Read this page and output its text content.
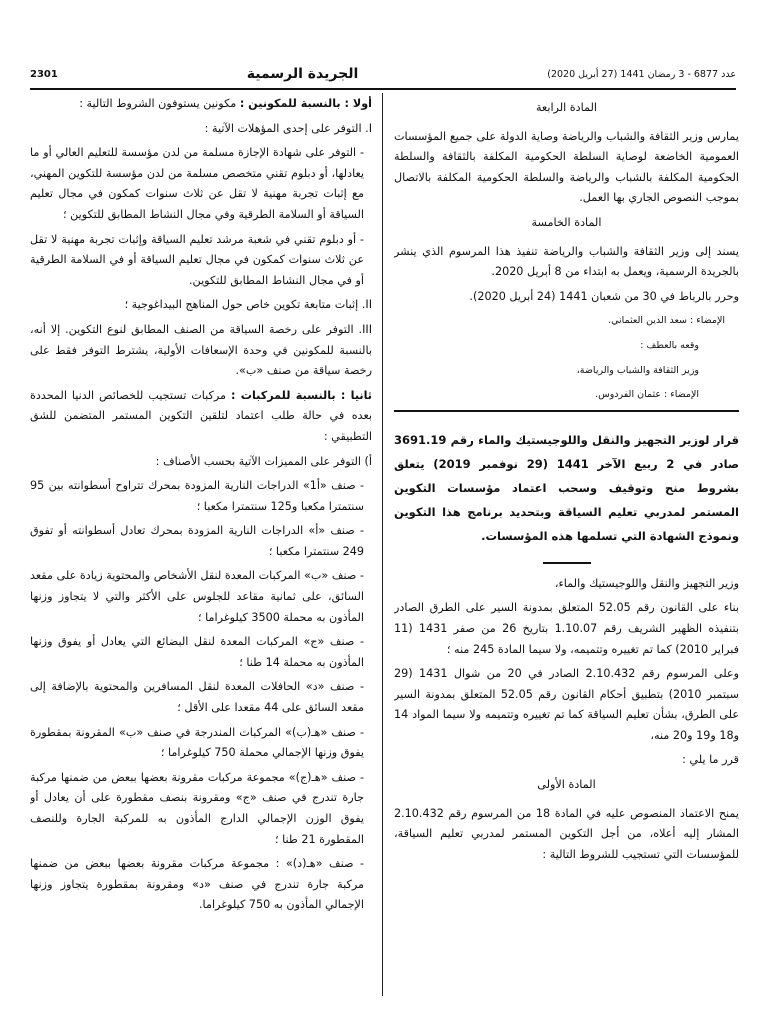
2301	الجريدة الرسمية	عدد 6877 - 3 رمضان 1441 (27 أبريل 2020)

المادة الرابعة

يمارس وزير الثقافة والشباب والرياضة وصاية الدولة على جميع المؤسسات العمومية الخاضعة لوصاية السلطة الحكومية المكلفة بالثقافة والسلطة الحكومية المكلفة بالشباب والرياضة والسلطة الحكومية المكلفة بالاتصال بموجب النصوص الجاري بها العمل.

المادة الخامسة

يسند إلى وزير الثقافة والشباب والرياضة تنفيذ هذا المرسوم الذي ينشر بالجريدة الرسمية، ويعمل به ابتداء من 8 أبريل 2020.

وحرر بالرباط في 30 من شعبان 1441 (24 أبريل 2020).

الإمضاء : سعد الدين العثماني.

وقعه بالعطف :

وزير الثقافة والشباب والرياضة،

الإمضاء : عثمان الفردوس.

قرار لوزير التجهيز والنقل واللوجيستيك والماء رقم 3691.19 صادر في 2 ربيع الآخر 1441 (29 نوفمبر 2019) يتعلق بشروط منح وتوقيف وسحب اعتماد مؤسسات التكوين المستمر لمدربي تعليم السياقة وبتحديد برنامج هذا التكوين ونموذج الشهادة التي تسلمها هذه المؤسسات.

وزير التجهيز والنقل واللوجيستيك والماء،

بناء على القانون رقم 52.05 المتعلق بمدونة السير على الطرق الصادر بتنفيذه الظهير الشريف رقم 1.10.07 بتاريخ 26 من صفر 1431 (11 فبراير 2010) كما تم تغييره وتتميمه، ولا سيما المادة 245 منه ؛

وعلى المرسوم رقم 2.10.432 الصادر في 20 من شوال 1431 (29 سبتمبر 2010) بتطبيق أحكام القانون رقم 52.05 المتعلق بمدونة السير على الطرق، بشأن تعليم السياقة كما تم تغييره وتتميمه ولا سيما المواد 14 و18 و19 و20 منه،

قرر ما يلي :

المادة الأولى

يمنح الاعتماد المنصوص عليه في المادة 18 من المرسوم رقم 2.10.432 المشار إليه أعلاه، من أجل التكوين المستمر لمدربي تعليم السياقة، للمؤسسات التي تستجيب للشروط التالية :

أولا : بالنسبة للمكونين : مكونين يستوفون الشروط التالية :

I. التوفر على إحدى المؤهلات الآتية :

- التوفر على شهادة الإجازة مسلمة من لدن مؤسسة للتعليم العالي أو ما يعادلها، أو دبلوم تقني متخصص مسلمة من لدن مؤسسة للتكوين المهني، مع إثبات تجربة مهنية لا تقل عن ثلاث سنوات كمكون في مجال تعليم السياقة أو السلامة الطرقية وفي مجال النشاط المطابق للتكوين ؛

- أو دبلوم تقني في شعبة مرشد تعليم السياقة وإثبات تجربة مهنية لا تقل عن ثلاث سنوات كمكون في مجال تعليم السياقة أو في السلامة الطرقية أو في مجال النشاط المطابق للتكوين.

II. إثبات متابعة تكوين خاص حول المناهج البيداغوجية ؛

III. التوفر على رخصة السياقة من الصنف المطابق لنوع التكوين. إلا أنه، بالنسبة للمكونين في وحدة الإسعافات الأولية، يشترط التوفر فقط على رخصة سياقة من صنف «ب».

ثانيا : بالنسبة للمركبات : مركبات تستجيب للخصائص الدنيا المحددة بعده في حالة طلب اعتماد لتلقين التكوين المستمر المتضمن للشق التطبيقي :

أ) التوفر على المميزات الآتية بحسب الأصناف :

- صنف «أ1» الدراجات النارية المزودة بمحرك تتراوح أسطوانته بين 95 سنتمترا مكعبا و125 سنتمترا مكعبا ؛

- صنف «أ» الدراجات النارية المزودة بمحرك تعادل أسطوانته أو تفوق 249 سنتمترا مكعبا ؛

- صنف «ب» المركبات المعدة لنقل الأشخاص والمحتوية زيادة على مقعد السائق، على ثمانية مقاعد للجلوس على الأكثر والتي لا يتجاوز وزنها المأذون به محملة 3500 كيلوغراما ؛

- صنف «ج» المركبات المعدة لنقل البضائع التي يعادل أو يفوق وزنها المأذون به محملة 14 طنا ؛

- صنف «د» الحافلات المعدة لنقل المسافرين والمحتوية بالإضافة إلى مقعد السائق على 44 مقعدا على الأقل ؛

- صنف «هـ(ب)» المركبات المندرجة في صنف «ب» المقرونة بمقطورة يفوق وزنها الإجمالي محملة 750 كيلوغراما ؛

- صنف «هـ(ج)» مجموعة مركبات مقرونة بعضها ببعض من ضمنها مركبة جارة تندرج في صنف «ج» ومقرونة بنصف مقطورة على أن يعادل أو يفوق الوزن الإجمالي الدارج المأذون به للمركبة الجارة وللنصف المقطورة 21 طنا ؛

- صنف «هـ(د)» : مجموعة مركبات مقرونة بعضها ببعض من ضمنها مركبة جارة تندرج في صنف «د» ومقرونة بمقطورة يتجاوز وزنها الإجمالي المأذون به 750 كيلوغراما.
